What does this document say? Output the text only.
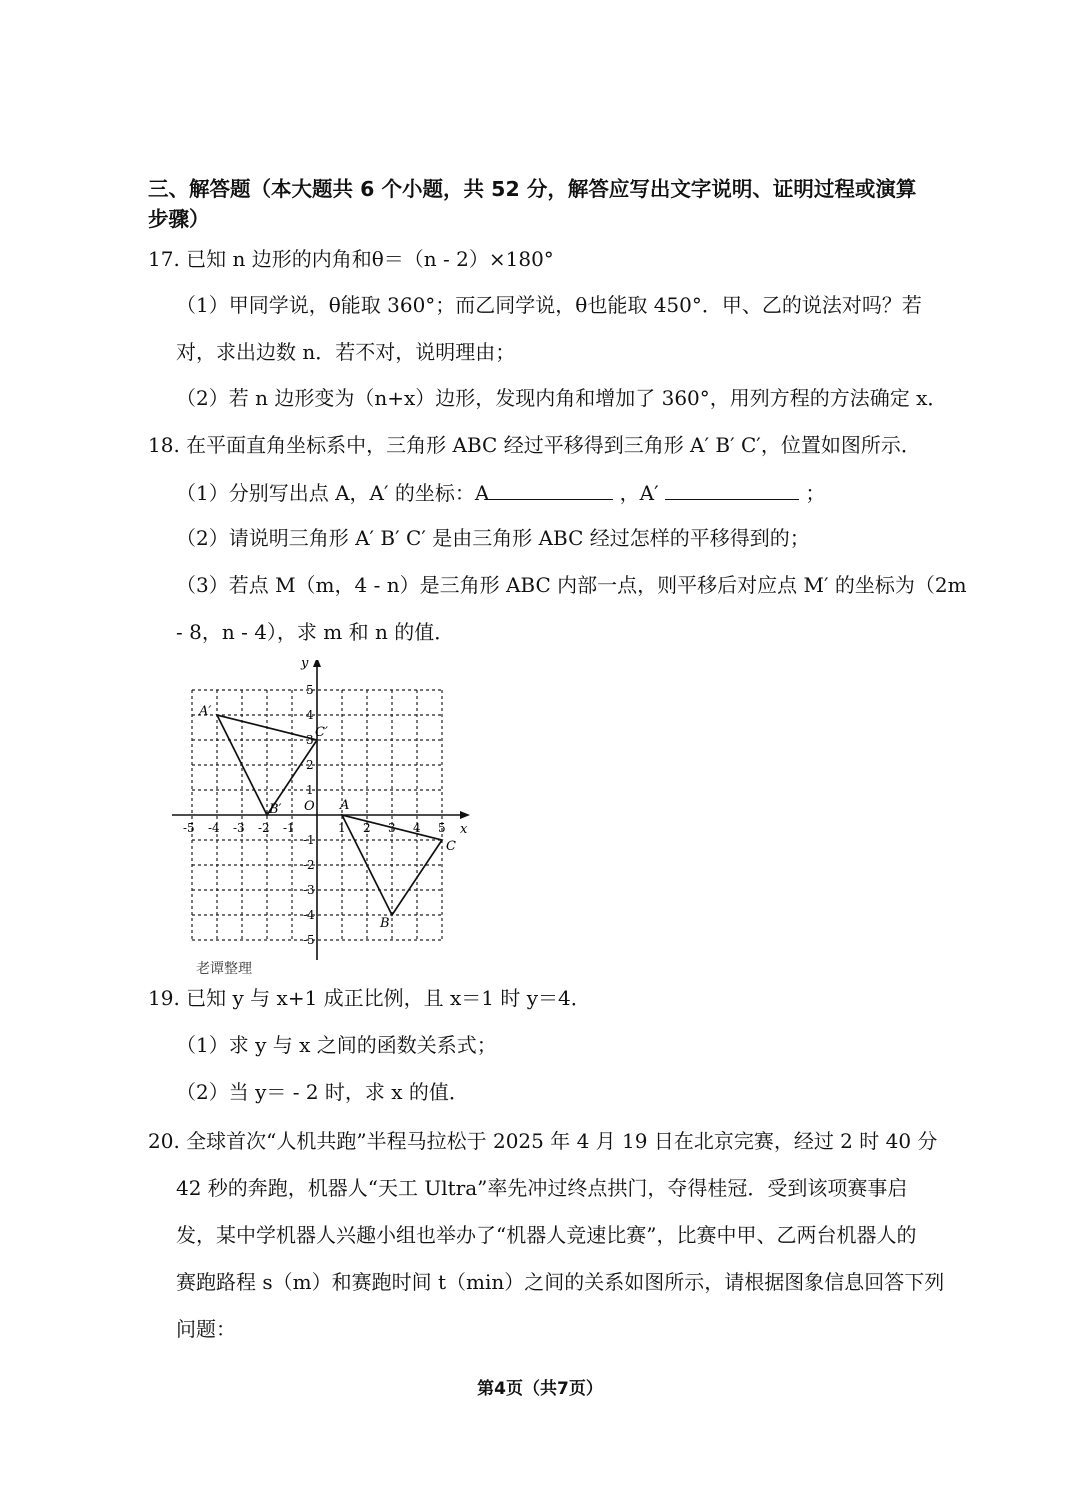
三、解答题（本大题共 6 个小题，共 52 分，解答应写出文字说明、证明过程或演算
步骤）
17. 已知 n 边形的内角和θ＝（n - 2）×180°
（1）甲同学说，θ能取 360°；而乙同学说，θ也能取 450°．甲、乙的说法对吗？若
对，求出边数 n．若不对，说明理由；
（2）若 n 边形变为（n+x）边形，发现内角和增加了 360°，用列方程的方法确定 x．
18. 在平面直角坐标系中，三角形 ABC 经过平移得到三角形 A′ B′ C′，位置如图所示．
（1）分别写出点 A，A′ 的坐标：A	，A′	；
（2）请说明三角形 A′ B′ C′ 是由三角形 ABC 经过怎样的平移得到的；
（3）若点 M（m，4 - n）是三角形 ABC 内部一点，则平移后对应点 M′ 的坐标为（2m
- 8，n - 4），求 m 和 n 的值．
x
y
O
-5 -4 -3 -2 -1	1 2 3 4 5
5
4
3
2
1
-1
-2
-3
-4
-5
A
B
C
A′
B′
C′
老谭整理
19. 已知 y 与 x+1 成正比例，且 x＝1 时 y＝4．
（1）求 y 与 x 之间的函数关系式；
（2）当 y＝ - 2 时，求 x 的值．
20. 全球首次“人机共跑”半程马拉松于 2025 年 4 月 19 日在北京完赛，经过 2 时 40 分
42 秒的奔跑，机器人“天工 Ultra”率先冲过终点拱门，夺得桂冠．受到该项赛事启
发，某中学机器人兴趣小组也举办了“机器人竞速比赛”，比赛中甲、乙两台机器人的
赛跑路程 s（m）和赛跑时间 t（min）之间的关系如图所示，请根据图象信息回答下列
问题：
第4页（共7页）
